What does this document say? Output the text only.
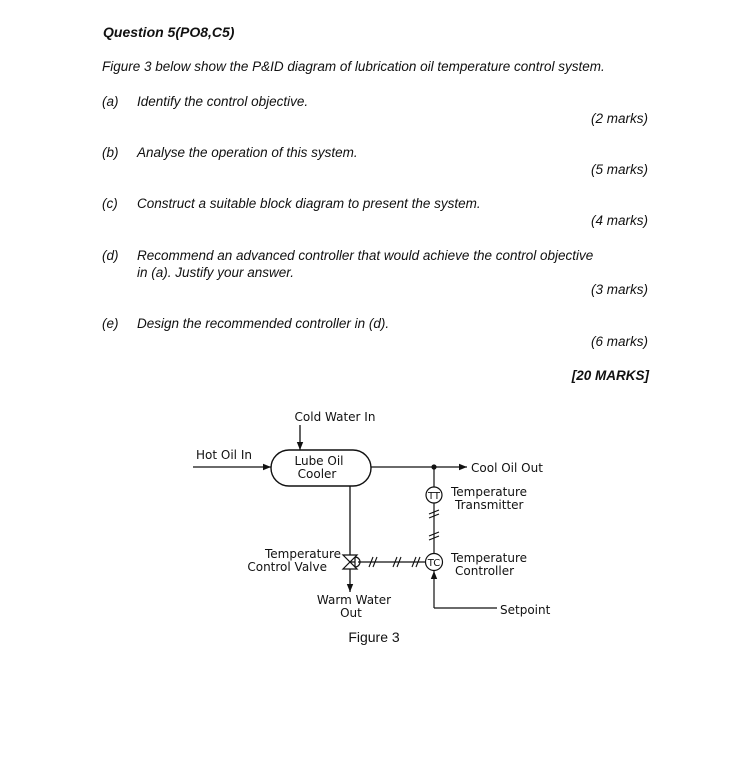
Question 5(PO8,C5)
Figure 3 below show the P&ID diagram of lubrication oil temperature control system.
(a) Identify the control objective.
(2 marks)
(b) Analyse the operation of this system.
(5 marks)
(c) Construct a suitable block diagram to present the system.
(4 marks)
(d) Recommend an advanced controller that would achieve the control objective
in (a). Justify your answer.
(3 marks)
(e) Design the recommended controller in (d).
(6 marks)
[20 MARKS]
Cold Water In
Hot Oil In	Lube Oil
Cooler	Cool Oil Out
TT Temperature
Transmitter
TC Temperature
Controller
Setpoint
Temperature
Control Valve
Warm Water
Out
Figure 3
